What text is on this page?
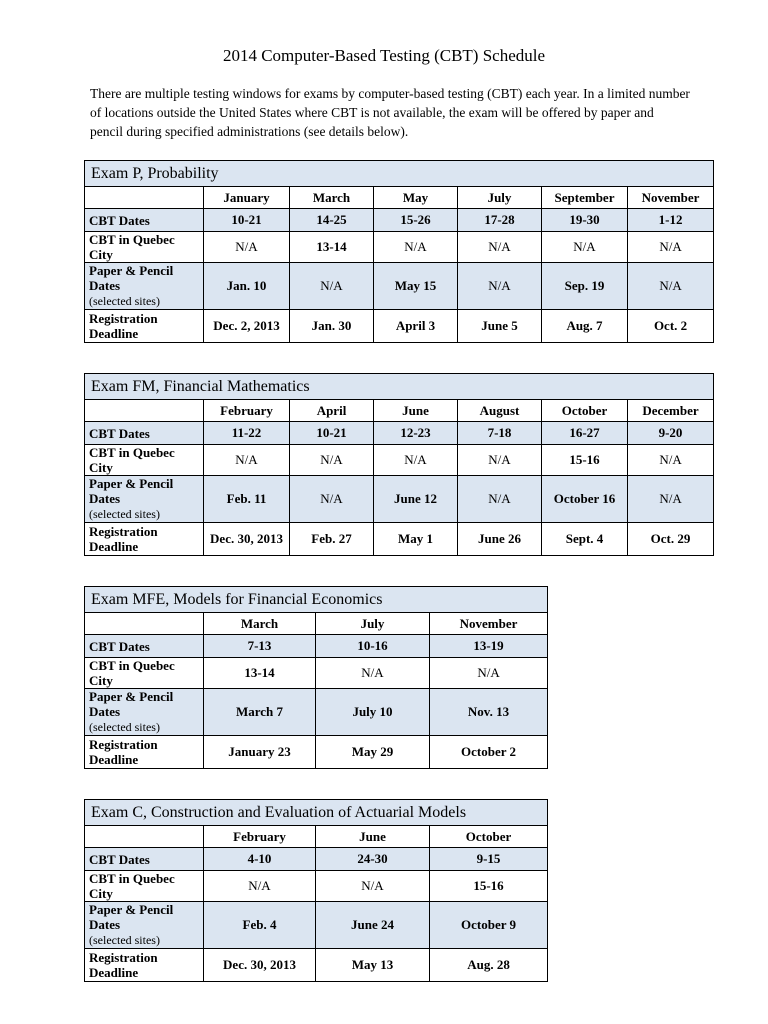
2014 Computer-Based Testing (CBT) Schedule
There are multiple testing windows for exams by computer-based testing (CBT) each year. In a limited number of locations outside the United States where CBT is not available, the exam will be offered by paper and pencil during specified administrations (see details below).
Exam P, Probability						
	January	March	May	July	September	November
CBT Dates	10-21	14-25	15-26	17-28	19-30	1-12
CBT in Quebec City	N/A	13-14	N/A	N/A	N/A	N/A
Paper & Pencil Dates
(selected sites)	Jan. 10	N/A	May 15	N/A	Sep. 19	N/A
Registration Deadline	Dec. 2, 2013	Jan. 30	April 3	June 5	Aug. 7	Oct. 2
Exam FM, Financial Mathematics						
	February	April	June	August	October	December
CBT Dates	11-22	10-21	12-23	7-18	16-27	9-20
CBT in Quebec City	N/A	N/A	N/A	N/A	15-16	N/A
Paper & Pencil Dates
(selected sites)	Feb. 11	N/A	June 12	N/A	October 16	N/A
Registration Deadline	Dec. 30, 2013	Feb. 27	May 1	June 26	Sept. 4	Oct. 29
Exam MFE, Models for Financial Economics			
	March	July	November
CBT Dates	7-13	10-16	13-19
CBT in Quebec City	13-14	N/A	N/A
Paper & Pencil Dates
(selected sites)	March 7	July 10	Nov. 13
Registration Deadline	January 23	May 29	October 2
Exam C, Construction and Evaluation of Actuarial Models			
	February	June	October
CBT Dates	4-10	24-30	9-15
CBT in Quebec City	N/A	N/A	15-16
Paper & Pencil Dates
(selected sites)	Feb. 4	June 24	October 9
Registration Deadline	Dec. 30, 2013	May 13	Aug. 28
